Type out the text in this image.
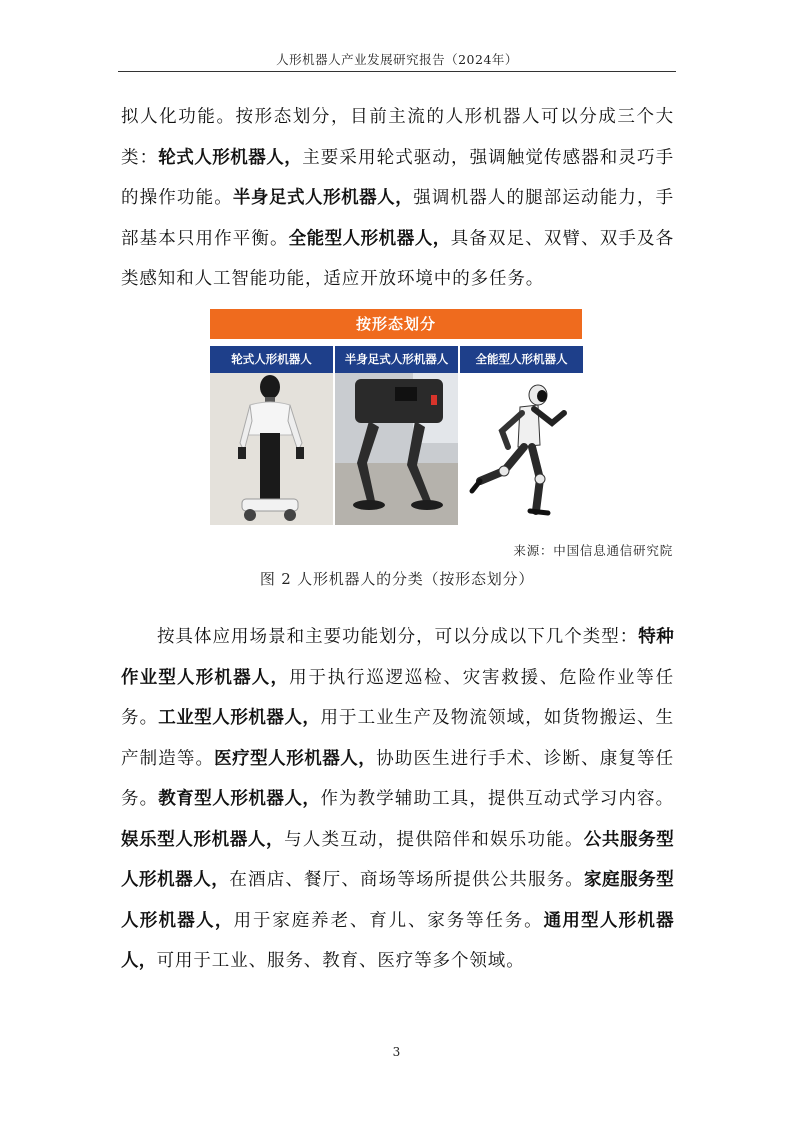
人形机器人产业发展研究报告（2024年）
拟人化功能。按形态划分，目前主流的人形机器人可以分成三个大类：轮式人形机器人，主要采用轮式驱动，强调触觉传感器和灵巧手的操作功能。半身足式人形机器人，强调机器人的腿部运动能力，手部基本只用作平衡。全能型人形机器人，具备双足、双臂、双手及各类感知和人工智能功能，适应开放环境中的多任务。
按形态划分
轮式人形机器人	半身足式人形机器人	全能型人形机器人
来源：中国信息通信研究院
图 2 人形机器人的分类（按形态划分）
按具体应用场景和主要功能划分，可以分成以下几个类型：特种作业型人形机器人，用于执行巡逻巡检、灾害救援、危险作业等任务。工业型人形机器人，用于工业生产及物流领域，如货物搬运、生产制造等。医疗型人形机器人，协助医生进行手术、诊断、康复等任务。教育型人形机器人，作为教学辅助工具，提供互动式学习内容。娱乐型人形机器人，与人类互动，提供陪伴和娱乐功能。公共服务型人形机器人，在酒店、餐厅、商场等场所提供公共服务。家庭服务型人形机器人，用于家庭养老、育儿、家务等任务。通用型人形机器人，可用于工业、服务、教育、医疗等多个领域。
3
